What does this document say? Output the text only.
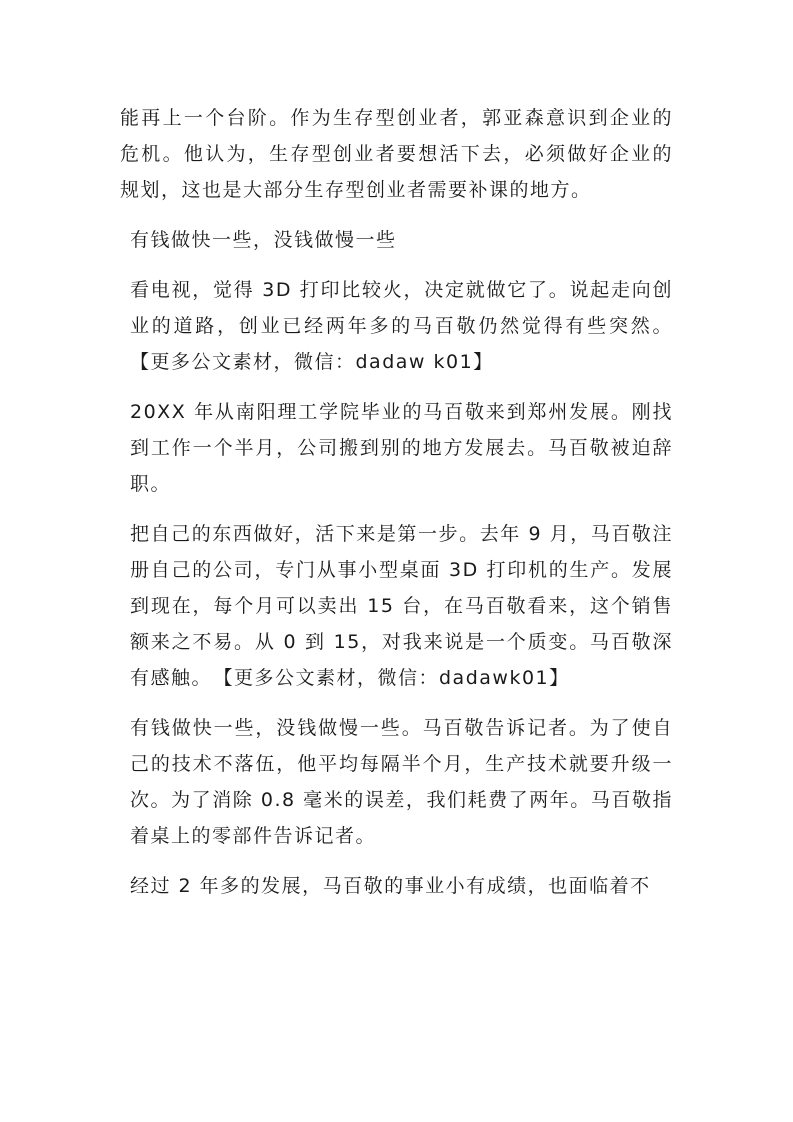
能再上一个台阶。作为生存型创业者，郭亚森意识到企业的危机。他认为，生存型创业者要想活下去，必须做好企业的规划，这也是大部分生存型创业者需要补课的地方。

有钱做快一些，没钱做慢一些

看电视，觉得 3D 打印比较火，决定就做它了。说起走向创业的道路，创业已经两年多的马百敬仍然觉得有些突然。【更多公文素材，微信：dadaw k01】

20XX 年从南阳理工学院毕业的马百敬来到郑州发展。刚找到工作一个半月，公司搬到别的地方发展去。马百敬被迫辞职。

把自己的东西做好，活下来是第一步。去年 9 月，马百敬注册自己的公司，专门从事小型桌面 3D 打印机的生产。发展到现在，每个月可以卖出 15 台，在马百敬看来，这个销售额来之不易。从 0 到 15，对我来说是一个质变。马百敬深有感触。　【更多公文素材，微信：dadawk01】

有钱做快一些，没钱做慢一些。马百敬告诉记者。为了使自己的技术不落伍，他平均每隔半个月，生产技术就要升级一次。为了消除 0.8 毫米的误差，我们耗费了两年。马百敬指着桌上的零部件告诉记者。

经过 2 年多的发展，马百敬的事业小有成绩，也面临着不
